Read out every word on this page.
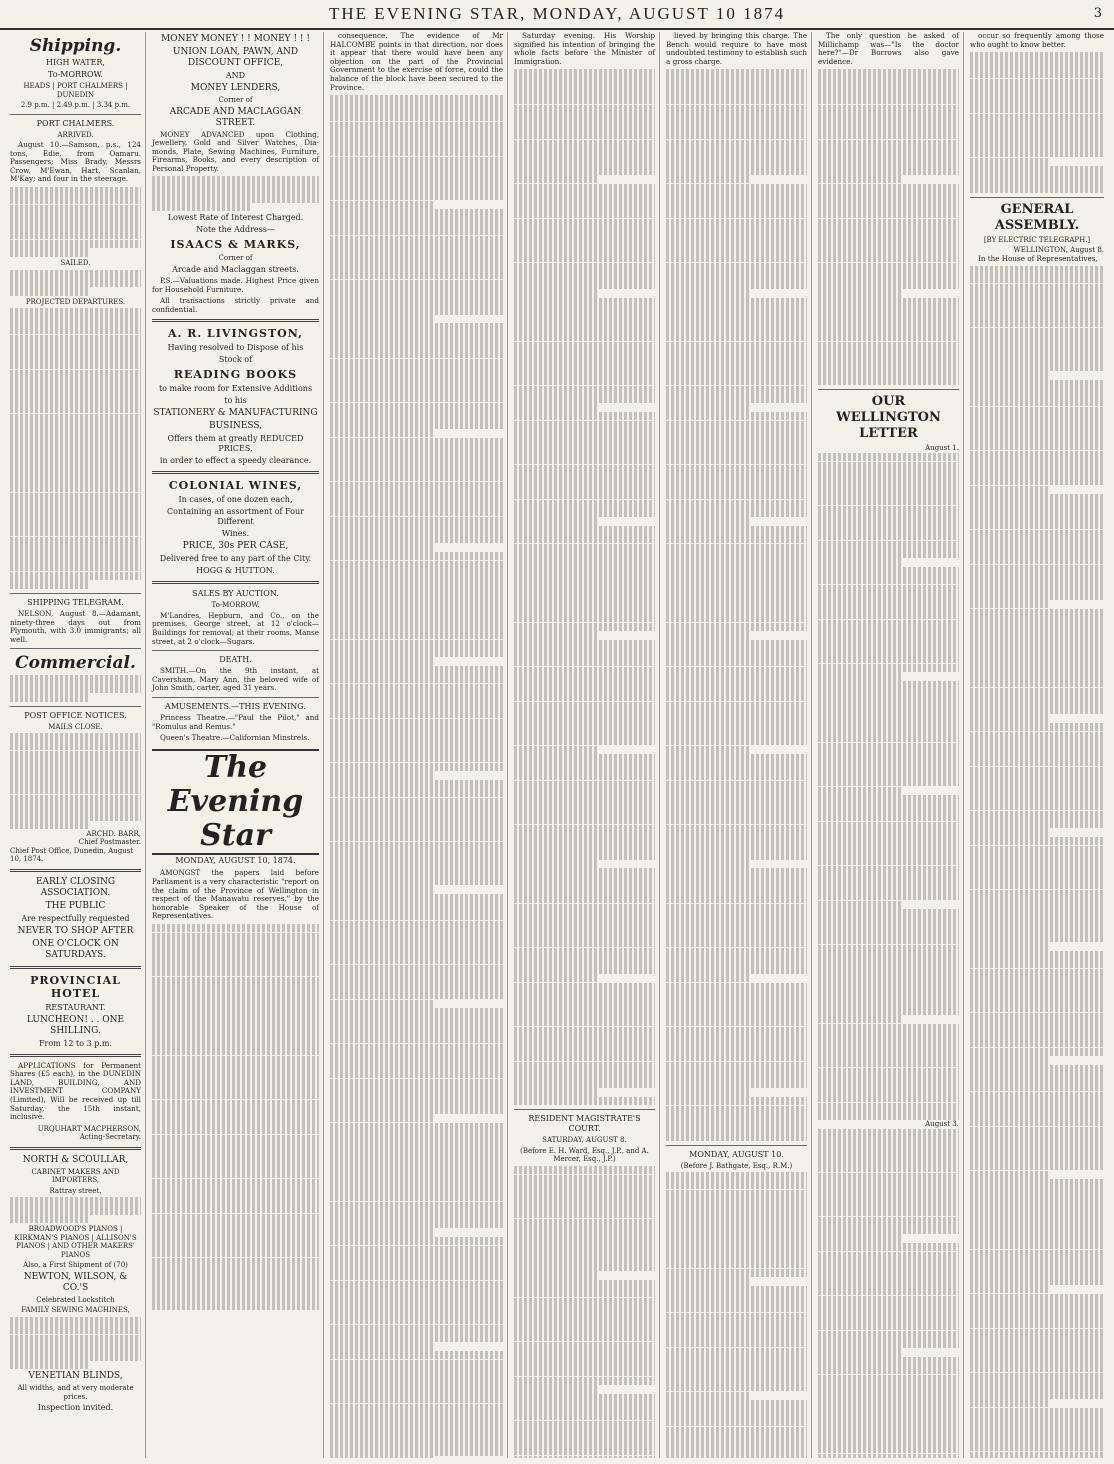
THE EVENING STAR, MONDAY, AUGUST 10 1874	3
Shipping.
HIGH WATER,
To-MORROW.
HEADS | PORT CHALMERS | DUNEDIN
2.9 p.m. | 2.49 p.m. | 3.34 p.m.
PORT CHALMERS.
ARRIVED.
August 10.—Samson, p.s., 124 tons, Edie, from Oamaru. Passengers; Miss Brady, Messrs Crow, M'Ewan, Hart, Scanlan, M'Kay; and four in the steerage.
SAILED.
PROJECTED DEPARTURES.
SHIPPING TELEGRAM.
NELSON, August 8.—Adamant, ninety-three days out from Plymouth, with 3.0 immigrants; all well.
Commercial.
POST OFFICE NOTICES.
MAILS CLOSE.
ARCHD. BARR,
Chief Postmaster.
Chief Post Office, Dunedin, August 10, 1874.
EARLY CLOSING ASSOCIATION.
THE PUBLIC
Are respectfully requested
NEVER TO SHOP AFTER
ONE O'CLOCK ON SATURDAYS.
PROVINCIAL HOTEL
RESTAURANT.
LUNCHEON! . . ONE SHILLING.
From 12 to 3 p.m.
APPLICATIONS for Permanent Shares (£5 each), in the DUNEDIN LAND, BUILDING, AND INVESTMENT COMPANY (Limited), Will be received up till Saturday, the 15th instant, inclusive.
URQUHART MACPHERSON,
Acting-Secretary.
NORTH & SCOULLAR,
CABINET MAKERS AND IMPORTERS,
Rattray street,
BROADWOOD'S PIANOS | KIRKMAN'S PIANOS | ALLISON'S PIANOS | AND OTHER MAKERS' PIANOS
Also, a First Shipment of (70)
NEWTON, WILSON, & CO.'S
Celebrated Lockstitch
FAMILY SEWING MACHINES,
VENETIAN BLINDS,
All widths, and at very moderate prices.
Inspection invited.
MONEY MONEY ! ! MONEY ! ! !
UNION LOAN, PAWN, AND DISCOUNT OFFICE,
AND
MONEY LENDERS,
Corner of
ARCADE AND MACLAGGAN STREET.
MONEY ADVANCED upon Clothing, Jewellery, Gold and Silver Watches, Dia-monds, Plate, Sewing Machines, Furniture, Firearms, Books, and every description of Personal Property.
Lowest Rate of Interest Charged.
Note the Address—
ISAACS & MARKS,
Corner of
Arcade and Maclaggan streets.
P.S.—Valuations made. Highest Price given for Household Furniture.
All transactions strictly private and confidential.
A. R. LIVINGSTON,
Having resolved to Dispose of his
Stock of
READING BOOKS
to make room for Extensive Additions
to his
STATIONERY & MANUFACTURING
BUSINESS,
Offers them at greatly REDUCED PRICES,
in order to effect a speedy clearance.
COLONIAL WINES,
In cases, of one dozen each,
Containing an assortment of Four Different
Wines.
PRICE, 30s PER CASE,
Delivered free to any part of the City.
HOGG & HUTTON.
SALES BY AUCTION.
To-MORROW.
M'Landres, Hepburn, and Co., on the premises, George street, at 12 o'clock—Buildings for removal; at their rooms, Manse street, at 2 o'clock—Sugars.
DEATH.
SMITH.—On the 9th instant, at Caversham, Mary Ann, the beloved wife of John Smith, carter, aged 31 years.
AMUSEMENTS.—THIS EVENING.
Princess Theatre.—"Paul the Pilot," and "Romulus and Remus."
Queen's Theatre.—Californian Minstrels.
The Evening Star
MONDAY, AUGUST 10, 1874.
AMONGST the papers laid before Parliament is a very characteristic "report on the claim of the Province of Wellington in respect of the Manawatu reserves," by the honorable Speaker of the House of Representatives.
consequence. The evidence of Mr HALCOMBE points in that direction, nor does it appear that there would have been any objection on the part of the Provincial Government to the exercise of force, could the balance of the block have been secured to the Province.
Saturday evening. His Worship signified his intention of bringing the whole facts before the Minister of Immigration.
RESIDENT MAGISTRATE'S COURT.
SATURDAY, AUGUST 8.
(Before E. H. Ward, Esq., J.P., and A. Mercer, Esq., J.P.)
lieved by bringing this charge. The Bench would require to have most undoubted testimony to establish such a gross charge.
MONDAY, AUGUST 10.
(Before J. Bathgate, Esq., R.M.)
The only question he asked of Millichamp was—"Is the doctor here?"—Dr Borrows also gave evidence.
OUR WELLINGTON LETTER
August 1.
August 3.
occur so frequently among those who ought to know better.
GENERAL ASSEMBLY.
[BY ELECTRIC TELEGRAPH.]
WELLINGTON, August 8.
In the House of Representatives,
